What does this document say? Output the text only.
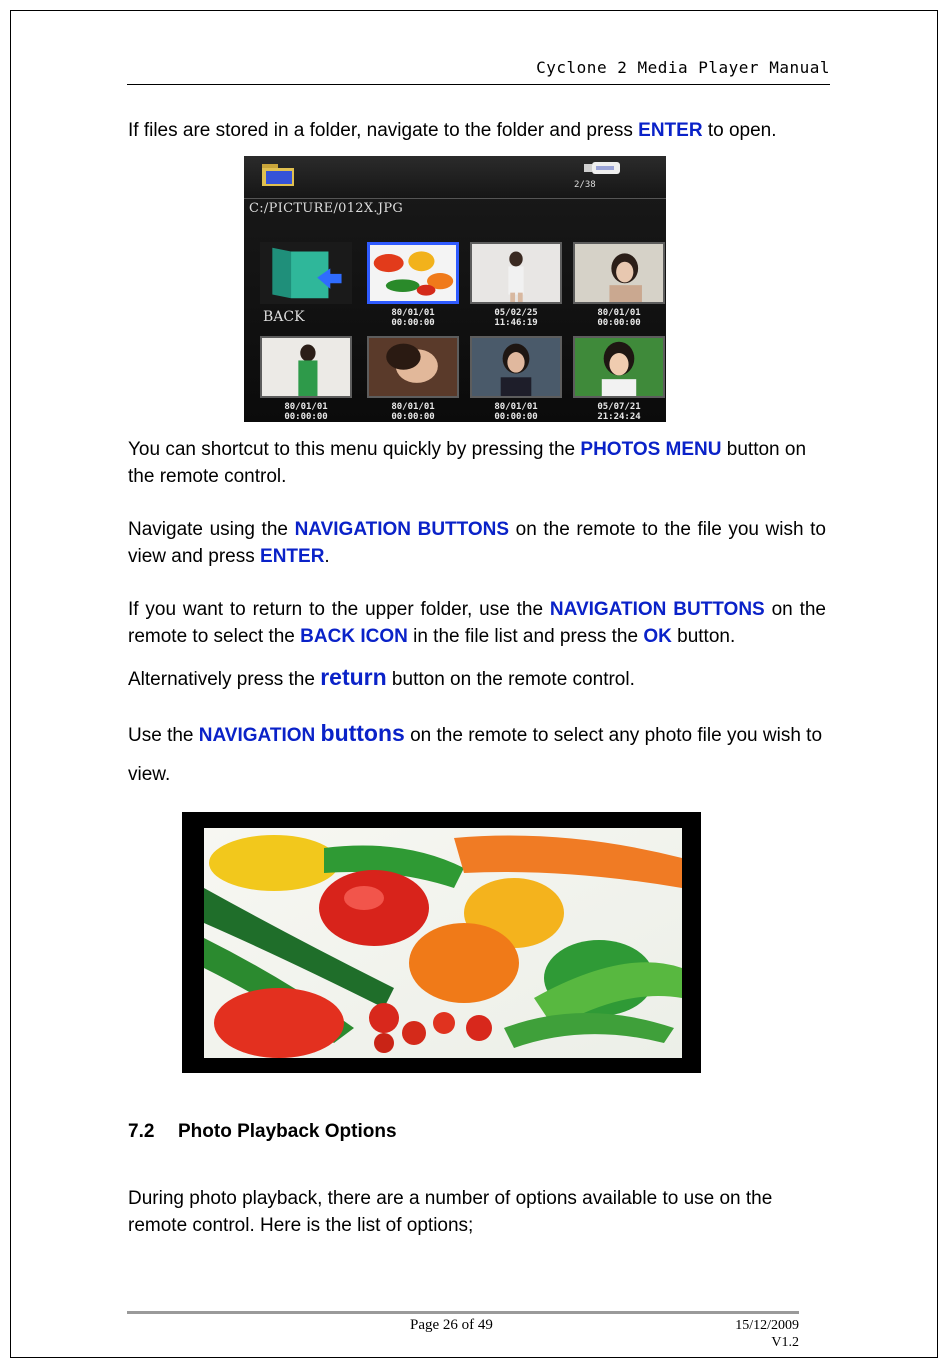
Cyclone 2 Media Player Manual
If files are stored in a folder, navigate to the folder and press ENTER to open.
2/38
C:/PICTURE/012X.JPG
BACK	80/01/01
00:00:00
05/02/25
11:46:19
80/01/01
00:00:00
80/01/01
00:00:00
80/01/01
00:00:00
80/01/01
00:00:00
05/07/21
21:24:24
You can shortcut to this menu quickly by pressing the PHOTOS MENU button on the remote control.
Navigate using the NAVIGATION BUTTONS on the remote to the file you wish to view and press ENTER.
If you want to return to the upper folder, use the NAVIGATION BUTTONS on the remote to select the BACK ICON in the file list and press the OK button.
Alternatively press the return button on the remote control.
Use the NAVIGATION buttons on the remote to select any photo file you wish to view.
7.2 Photo Playback Options
During photo playback, there are a number of options available to use on the remote control. Here is the list of options;
Page 26 of 49	15/12/2009
V1.2
